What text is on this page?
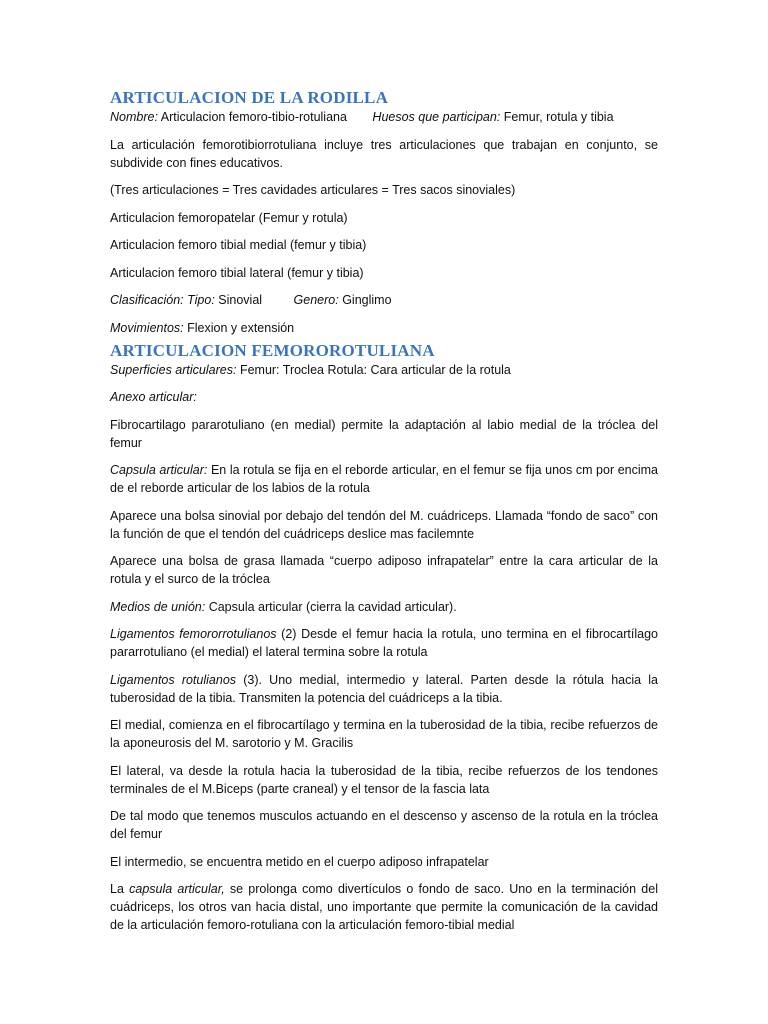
ARTICULACION DE LA RODILLA

Nombre: Articulacion femoro-tibio-rotuliana Huesos que participan: Femur, rotula y tibia

La articulación femorotibiorrotuliana incluye tres articulaciones que trabajan en conjunto, se subdivide con fines educativos.

(Tres articulaciones = Tres cavidades articulares = Tres sacos sinoviales)

Articulacion femoropatelar (Femur y rotula)

Articulacion femoro tibial medial (femur y tibia)

Articulacion femoro tibial lateral (femur y tibia)

Clasificación: Tipo: Sinovial	Genero: Ginglimo

Movimientos: Flexion y extensión

ARTICULACION FEMOROROTULIANA

Superficies articulares: Femur: Troclea Rotula: Cara articular de la rotula

Anexo articular:

Fibrocartilago pararotuliano (en medial) permite la adaptación al labio medial de la tróclea del femur

Capsula articular: En la rotula se fija en el reborde articular, en el femur se fija unos cm por encima de el reborde articular de los labios de la rotula

Aparece una bolsa sinovial por debajo del tendón del M. cuádriceps. Llamada “fondo de saco” con la función de que el tendón del cuádriceps deslice mas facilemnte

Aparece una bolsa de grasa llamada “cuerpo adiposo infrapatelar” entre la cara articular de la rotula y el surco de la tróclea

Medios de unión: Capsula articular (cierra la cavidad articular).

Ligamentos femororrotulianos (2) Desde el femur hacia la rotula, uno termina en el fibrocartílago pararrotuliano (el medial) el lateral termina sobre la rotula

Ligamentos rotulianos (3). Uno medial, intermedio y lateral. Parten desde la rótula hacia la tuberosidad de la tibia. Transmiten la potencia del cuádriceps a la tibia.

El medial, comienza en el fibrocartílago y termina en la tuberosidad de la tibia, recibe refuerzos de la aponeurosis del M. sarotorio y M. Gracilis

El lateral, va desde la rotula hacia la tuberosidad de la tibia, recibe refuerzos de los tendones terminales de el M.Biceps (parte craneal) y el tensor de la fascia lata

De tal modo que tenemos musculos actuando en el descenso y ascenso de la rotula en la tróclea del femur

El intermedio, se encuentra metido en el cuerpo adiposo infrapatelar

La capsula articular, se prolonga como divertículos o fondo de saco. Uno en la terminación del cuádriceps, los otros van hacia distal, uno importante que permite la comunicación de la cavidad de la articulación femoro-rotuliana con la articulación femoro-tibial medial
